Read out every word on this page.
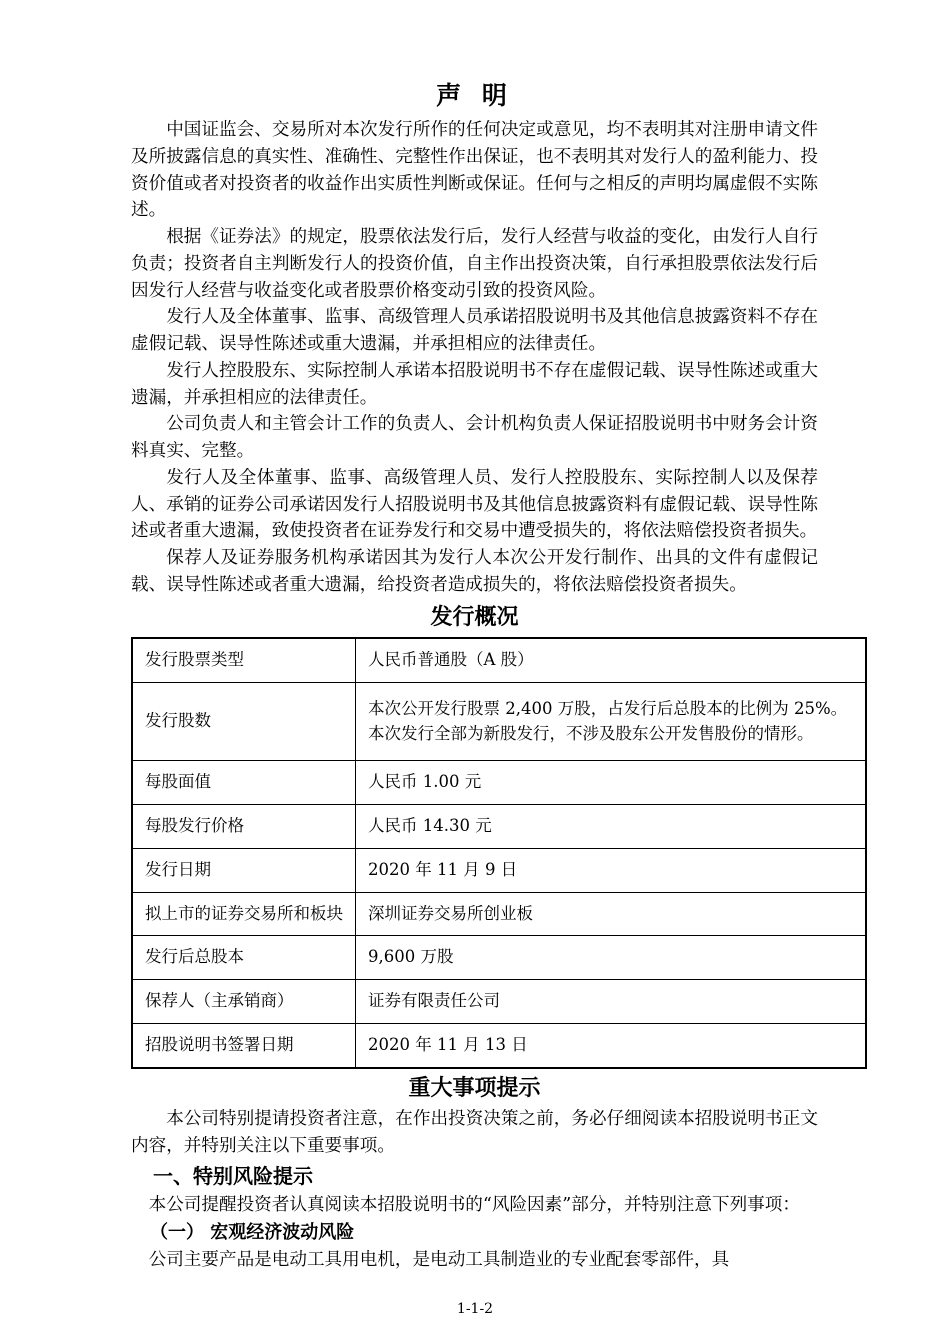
声 明

中国证监会、交易所对本次发行所作的任何决定或意见，均不表明其对注册申请文件及所披露信息的真实性、准确性、完整性作出保证，也不表明其对发行人的盈利能力、投资价值或者对投资者的收益作出实质性判断或保证。任何与之相反的声明均属虚假不实陈述。

根据《证券法》的规定，股票依法发行后，发行人经营与收益的变化，由发行人自行负责；投资者自主判断发行人的投资价值，自主作出投资决策，自行承担股票依法发行后因发行人经营与收益变化或者股票价格变动引致的投资风险。

发行人及全体董事、监事、高级管理人员承诺招股说明书及其他信息披露资料不存在虚假记载、误导性陈述或重大遗漏，并承担相应的法律责任。

发行人控股股东、实际控制人承诺本招股说明书不存在虚假记载、误导性陈述或重大遗漏，并承担相应的法律责任。

公司负责人和主管会计工作的负责人、会计机构负责人保证招股说明书中财务会计资料真实、完整。

发行人及全体董事、监事、高级管理人员、发行人控股股东、实际控制人以及保荐人、承销的证券公司承诺因发行人招股说明书及其他信息披露资料有虚假记载、误导性陈述或者重大遗漏，致使投资者在证券发行和交易中遭受损失的，将依法赔偿投资者损失。

保荐人及证券服务机构承诺因其为发行人本次公开发行制作、出具的文件有虚假记载、误导性陈述或者重大遗漏，给投资者造成损失的，将依法赔偿投资者损失。

发行概况
发行股票类型	人民币普通股（A 股）
发行股数	本次公开发行股票 2,400 万股，占发行后总股本的比例为 25%。本次发行全部为新股发行，不涉及股东公开发售股份的情形。
每股面值	人民币 1.00 元
每股发行价格	人民币 14.30 元
发行日期	2020 年 11 月 9 日
拟上市的证券交易所和板块	深圳证券交易所创业板
发行后总股本	9,600 万股
保荐人（主承销商）	证券有限责任公司
招股说明书签署日期	2020 年 11 月 13 日
重大事项提示

本公司特别提请投资者注意，在作出投资决策之前，务必仔细阅读本招股说明书正文内容，并特别关注以下重要事项。

一、特别风险提示

本公司提醒投资者认真阅读本招股说明书的“风险因素”部分，并特别注意下列事项：

（一） 宏观经济波动风险

公司主要产品是电动工具用电机，是电动工具制造业的专业配套零部件，具

1-1-2
